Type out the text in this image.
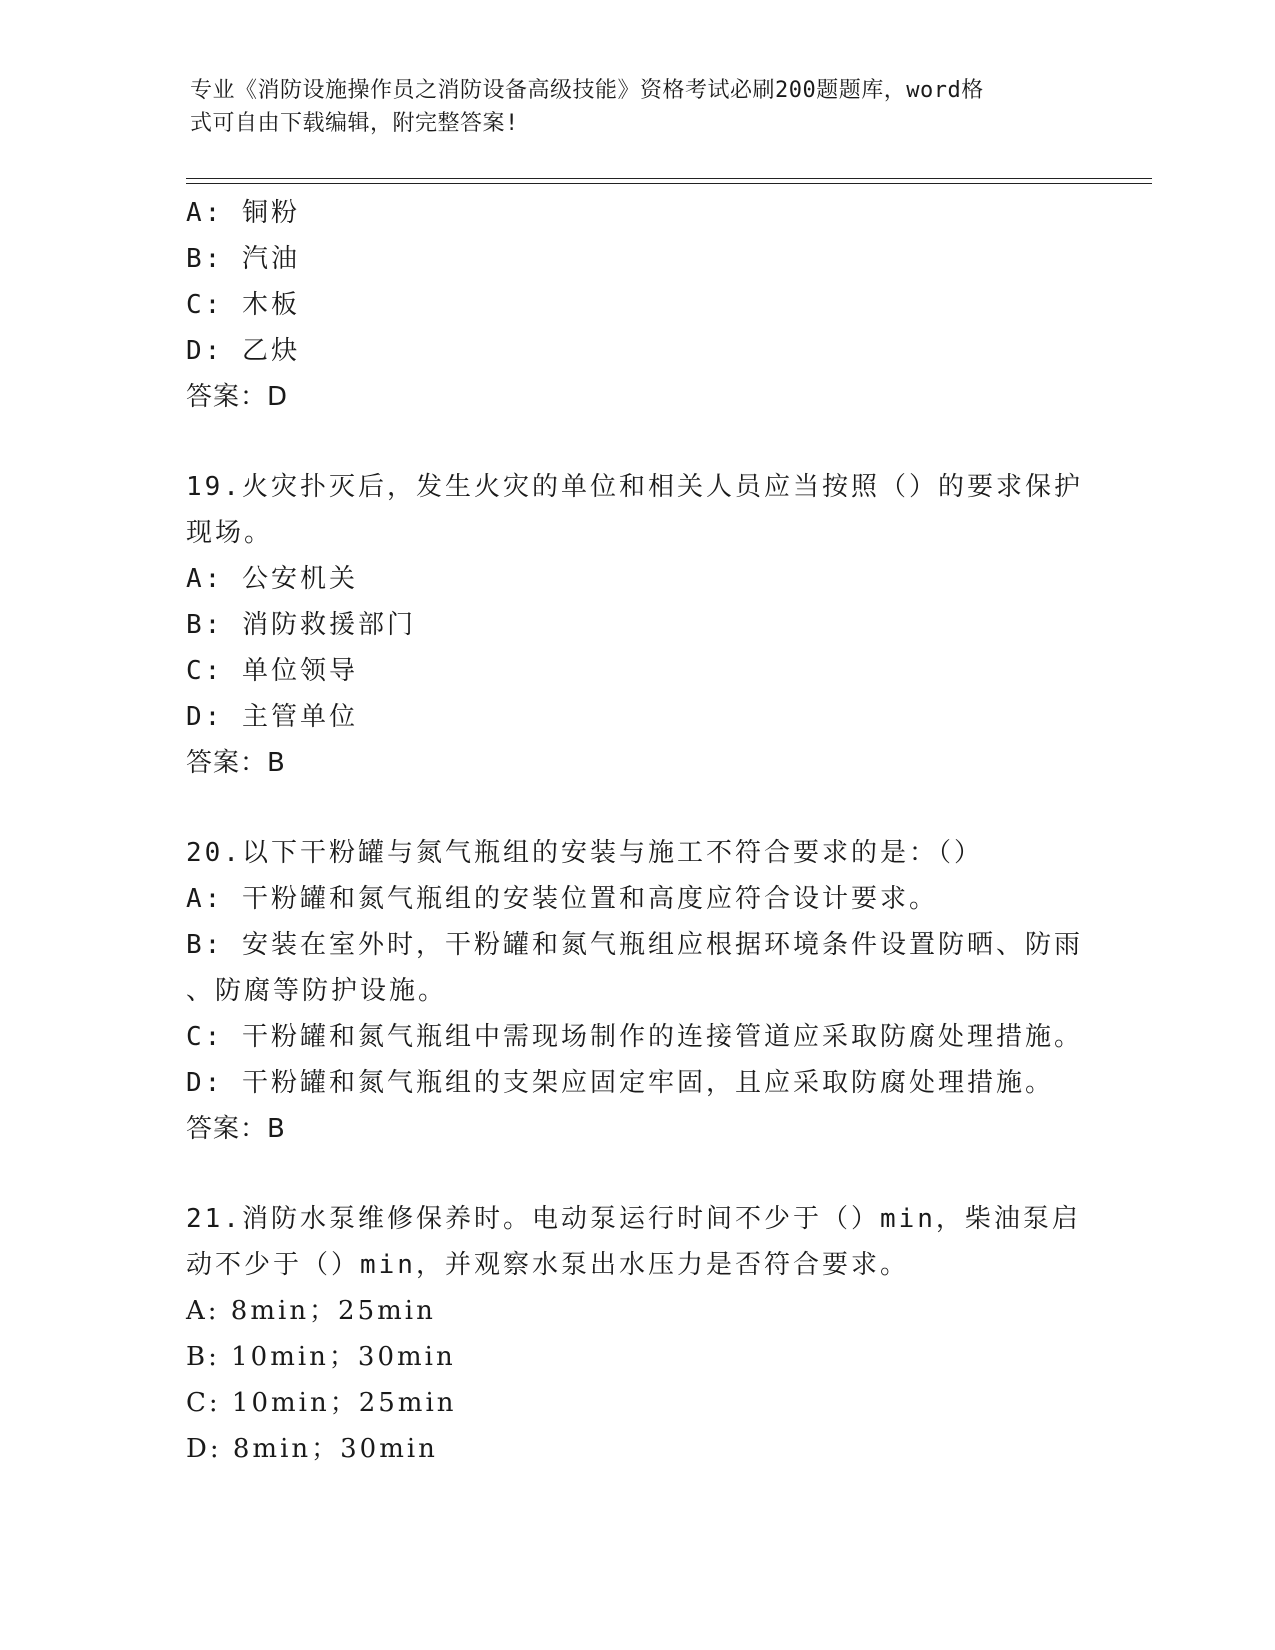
专业《消防设施操作员之消防设备高级技能》资格考试必刷200题题库，word格
式可自由下载编辑，附完整答案!
A: 铜粉
B: 汽油
C: 木板
D: 乙炔
答案：D
19.火灾扑灭后，发生火灾的单位和相关人员应当按照（）的要求保护
现场。
A: 公安机关
B: 消防救援部门
C: 单位领导
D: 主管单位
答案：B
20.以下干粉罐与氮气瓶组的安装与施工不符合要求的是：（）
A: 干粉罐和氮气瓶组的安装位置和高度应符合设计要求。
B: 安装在室外时，干粉罐和氮气瓶组应根据环境条件设置防晒、防雨
、防腐等防护设施。
C: 干粉罐和氮气瓶组中需现场制作的连接管道应采取防腐处理措施。
D: 干粉罐和氮气瓶组的支架应固定牢固，且应采取防腐处理措施。
答案：B
21.消防水泵维修保养时。电动泵运行时间不少于（）min，柴油泵启
动不少于（）min，并观察水泵出水压力是否符合要求。
A: 8min；25min
B: 10min；30min
C: 10min；25min
D: 8min；30min
